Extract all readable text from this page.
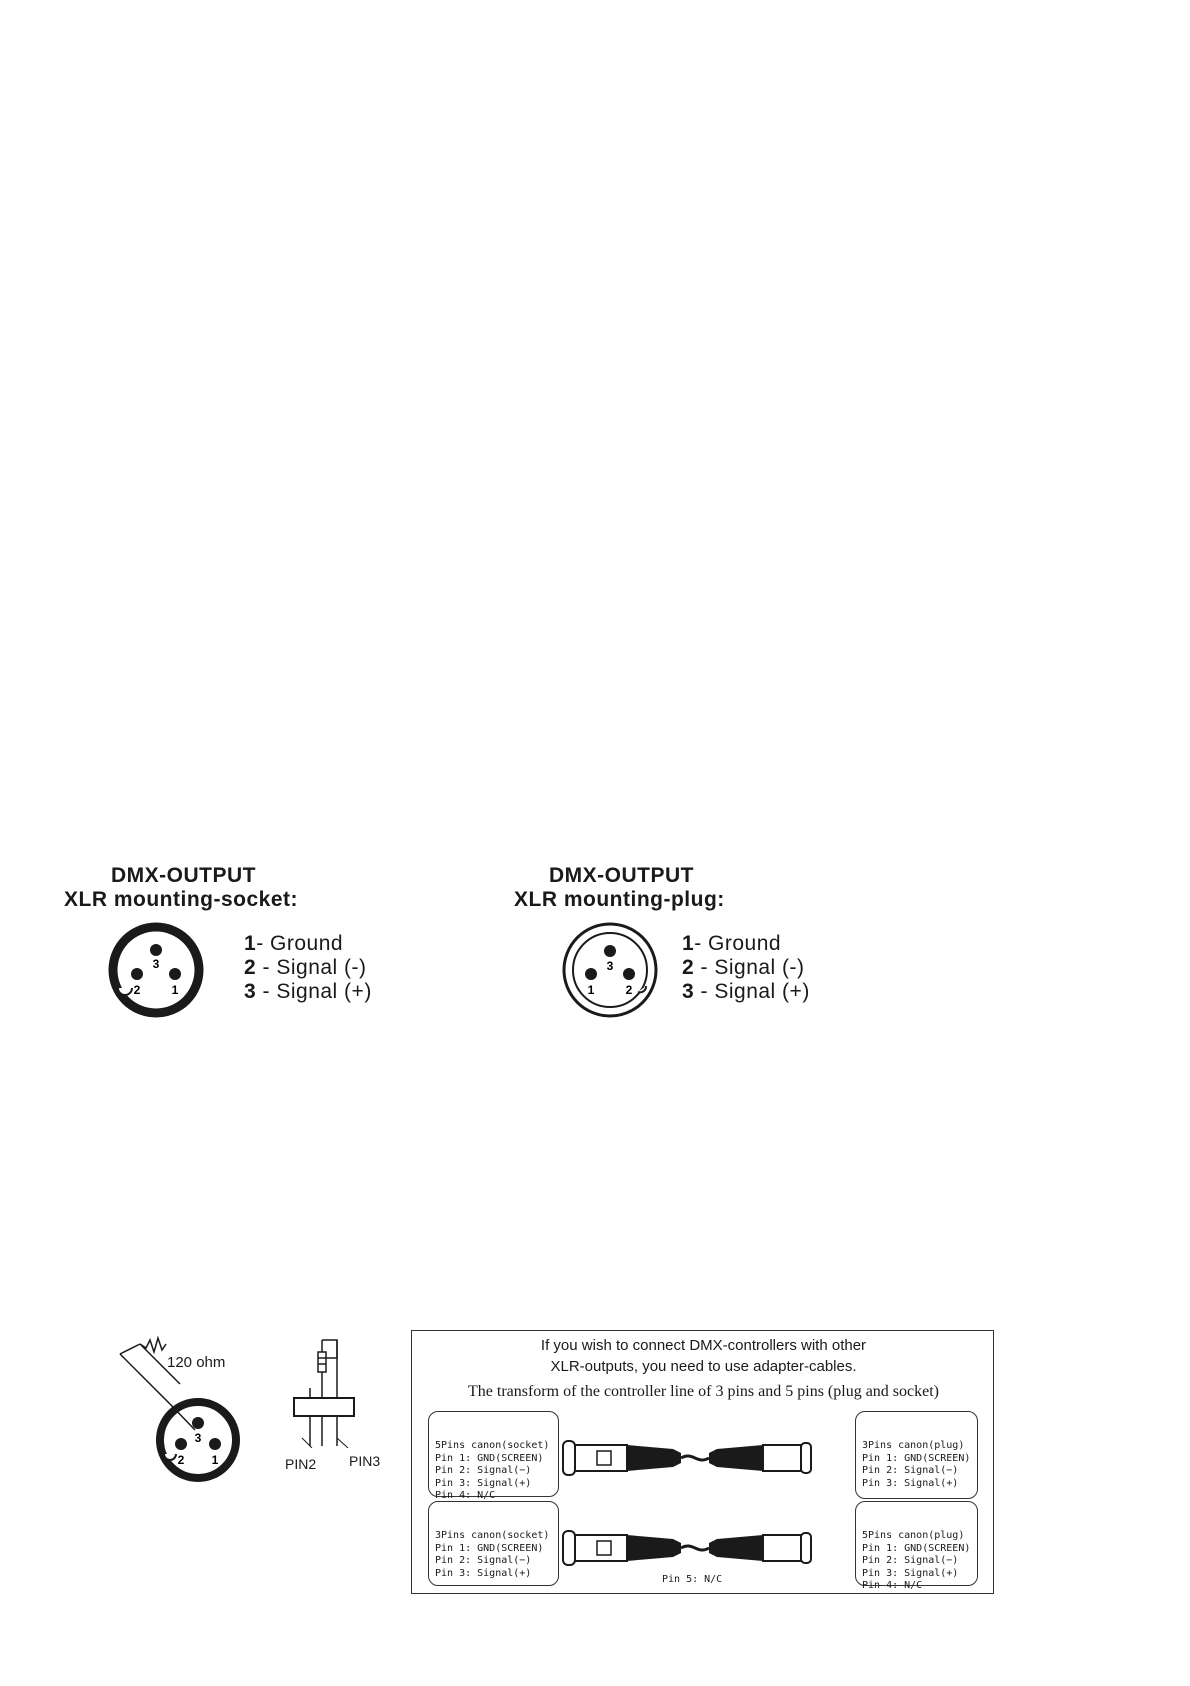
DMX-OUTPUT
XLR mounting-socket:
3
2	1
1- Ground
2 - Signal (-)
3 - Signal (+)
DMX-OUTPUT
XLR mounting-plug:
3
1	2
1- Ground
2 - Signal (-)
3 - Signal (+)
3
2 1
120 ohm
PIN2 PIN3
If you wish to connect DMX-controllers with other
XLR-outputs, you need to use adapter-cables.
The transform of the controller line of 3 pins and 5 pins (plug and socket)

5Pins canon(socket)
Pin 1: GND(SCREEN)
Pin 2: Signal(−)
Pin 3: Signal(+)
Pin 4: N/C

3Pins canon(plug)
Pin 1: GND(SCREEN)
Pin 2: Signal(−)
Pin 3: Signal(+)

3Pins canon(socket)
Pin 1: GND(SCREEN)
Pin 2: Signal(−)
Pin 3: Signal(+)

5Pins canon(plug)
Pin 1: GND(SCREEN)
Pin 2: Signal(−)
Pin 3: Signal(+)
Pin 4: N/C

Pin 5: N/C
